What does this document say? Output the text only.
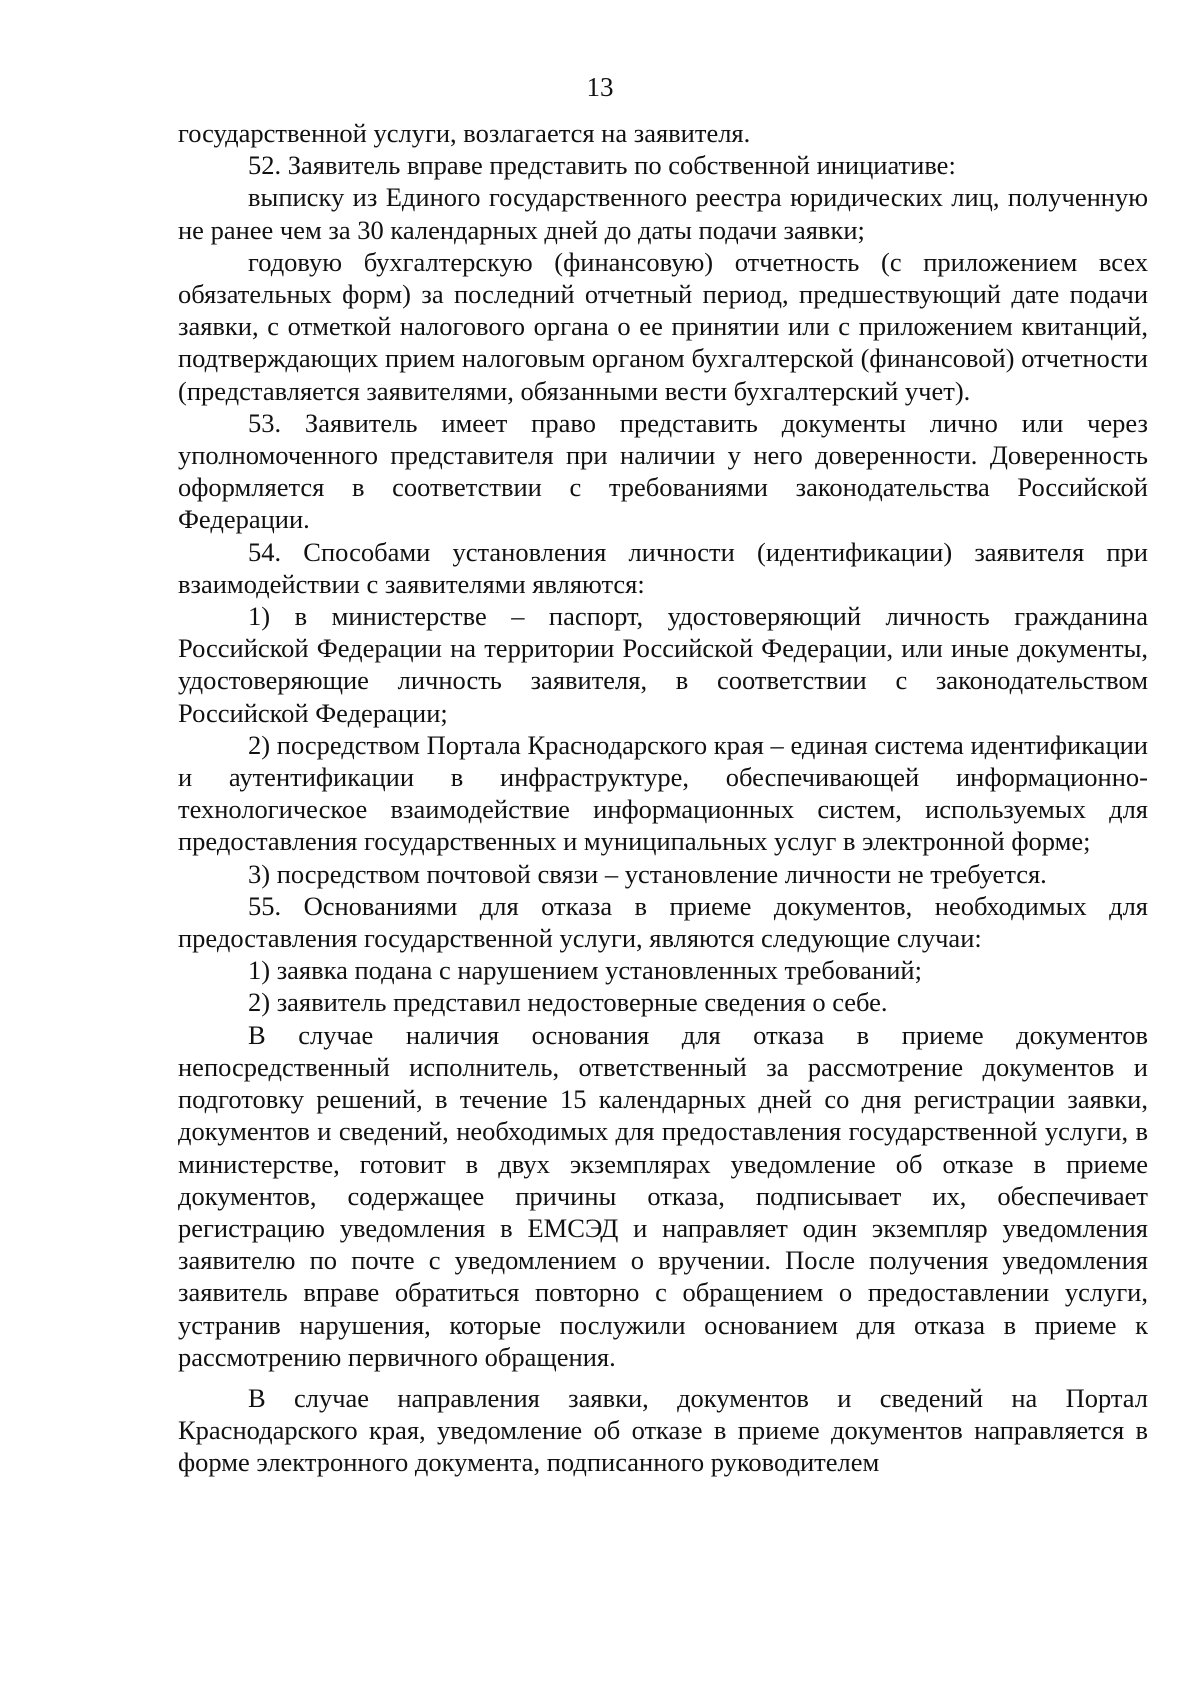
13

государственной услуги, возлагается на заявителя.

52. Заявитель вправе представить по собственной инициативе:

выписку из Единого государственного реестра юридических лиц, полученную не ранее чем за 30 календарных дней до даты подачи заявки;

годовую бухгалтерскую (финансовую) отчетность (с приложением всех обязательных форм) за последний отчетный период, предшествующий дате подачи заявки, с отметкой налогового органа о ее принятии или с приложением квитанций, подтверждающих прием налоговым органом бухгалтерской (финансовой) отчетности (представляется заявителями, обязанными вести бухгалтерский учет).

53. Заявитель имеет право представить документы лично или через уполномоченного представителя при наличии у него доверенности. Доверенность оформляется в соответствии с требованиями законодательства Российской Федерации.

54. Способами установления личности (идентификации) заявителя при взаимодействии с заявителями являются:

1) в министерстве – паспорт, удостоверяющий личность гражданина Российской Федерации на территории Российской Федерации, или иные документы, удостоверяющие личность заявителя, в соответствии с законодательством Российской Федерации;

2) посредством Портала Краснодарского края – единая система идентификации и аутентификации в инфраструктуре, обеспечивающей информационно-технологическое взаимодействие информационных систем, используемых для предоставления государственных и муниципальных услуг в электронной форме;

3) посредством почтовой связи – установление личности не требуется.

55. Основаниями для отказа в приеме документов, необходимых для предоставления государственной услуги, являются следующие случаи:

1) заявка подана с нарушением установленных требований;

2) заявитель представил недостоверные сведения о себе.

В случае наличия основания для отказа в приеме документов непосредственный исполнитель, ответственный за рассмотрение документов и подготовку решений, в течение 15 календарных дней со дня регистрации заявки, документов и сведений, необходимых для предоставления государственной услуги, в министерстве, готовит в двух экземплярах уведомление об отказе в приеме документов, содержащее причины отказа, подписывает их, обеспечивает регистрацию уведомления в ЕМСЭД и направляет один экземпляр уведомления заявителю по почте с уведомлением о вручении. После получения уведомления заявитель вправе обратиться повторно с обращением о предоставлении услуги, устранив нарушения, которые послужили основанием для отказа в приеме к рассмотрению первичного обращения.

В случае направления заявки, документов и сведений на Портал Краснодарского края, уведомление об отказе в приеме документов направляется в форме электронного документа, подписанного руководителем
